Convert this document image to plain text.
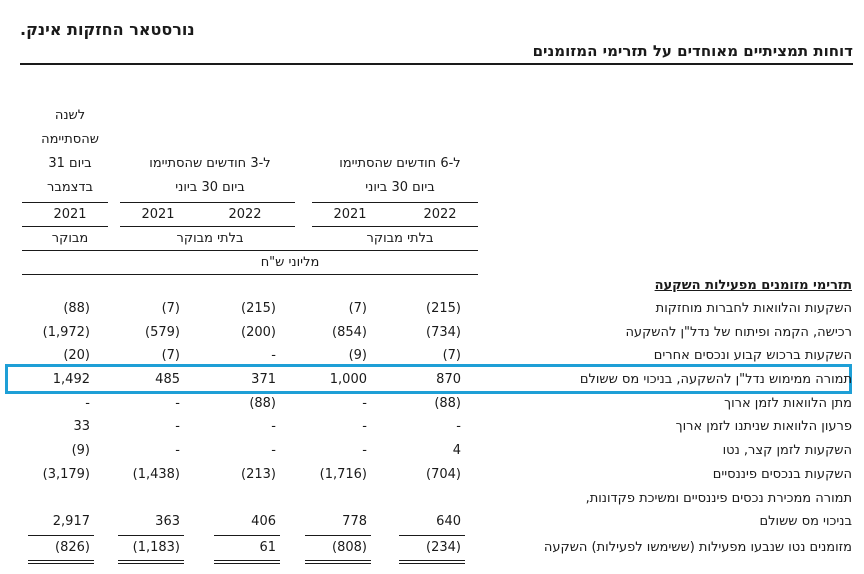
נורסטאר החזקות אינק.
דוחות תמציתיים מאוחדים על תזרימי המזומנים
לשנה
שהסתיימה
ביום 31
בדצמבר
2021
מבוקר
ל-3 חודשים שהסתיימו
ביום 30 ביוני
2022
2021
בלתי מבוקר
ל-6 חודשים שהסתיימו
ביום 30 ביוני
2022
2021
בלתי מבוקר
מליוני ש"ח
תזרימי מזומנים מפעילות השקעה
השקעות והלוואות לחברות מוחזקות
(215)
(7)
(215)
(7)
(88)
רכישה, הקמה ופיתוח של נדל"ן להשקעה
(734)
(854)
(200)
(579)
(1,972)
השקעות ברכוש קבוע ונכסים אחרים
(7)
(9)
-
(7)
(20)
תמורה ממימוש נדל"ן להשקעה, בניכוי מס ששולם
870
1,000
371
485
1,492
מתן הלוואות לזמן ארוך
(88)
-
(88)
-
-
פרעון הלוואות שניתנו לזמן ארוך
-
-
-
-
33
השקעות לזמן קצר, נטו
4
-
-
-
(9)
השקעות בנכסים פיננסיים
(704)
(1,716)
(213)
(1,438)
(3,179)
תמורה ממכירת נכסים פיננסיים ומשיכת פקדונות,
בניכוי מס ששולם
640
778
406
363
2,917
מזומנים נטו שנבעו מפעילות (ששימשו לפעילות) השקעה
(234)
(808)
61
(1,183)
(826)
